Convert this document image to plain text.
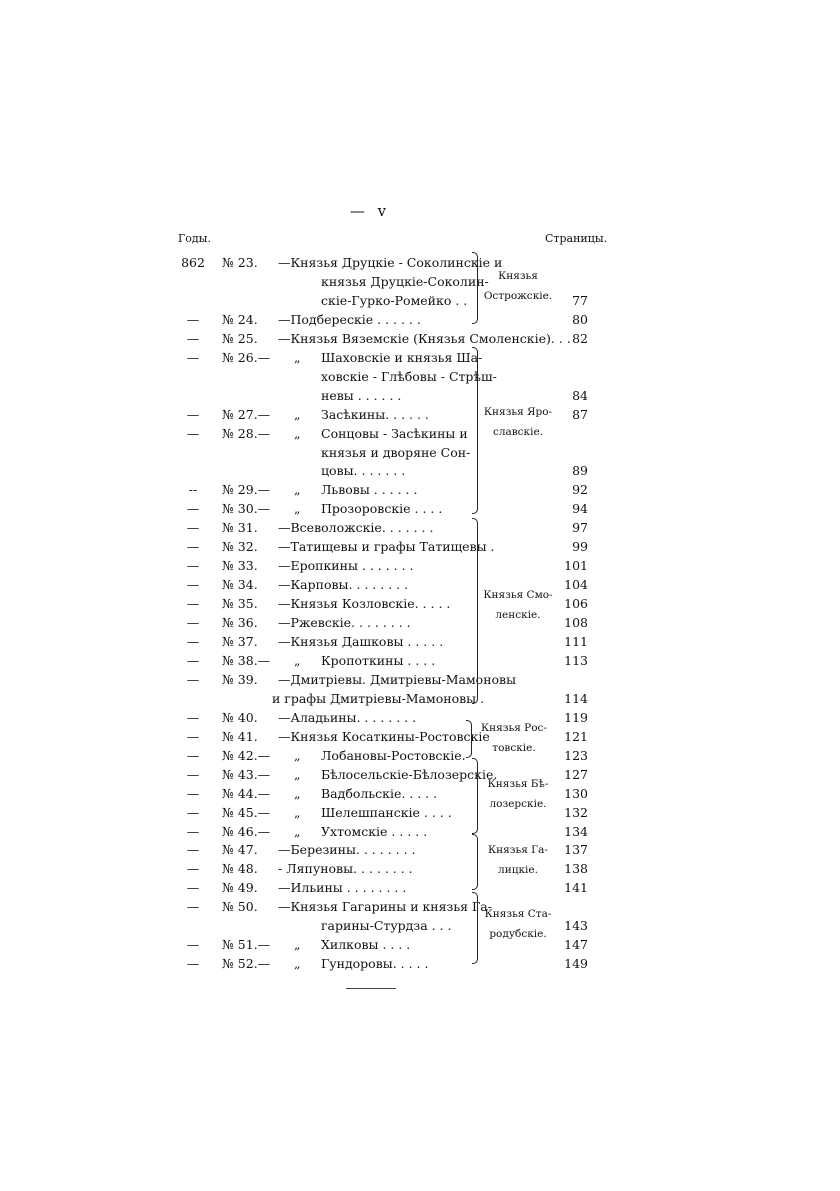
— v
Годы.	Страницы.
862	№ 23. —Князья Друцкіе - Соколинскіе и
князья Друцкіе-Соколин-
скіе-Гурко-Ромейко . .	77
—	№ 24. —Подберескіе . . . . . .	80
—	№ 25. —Князья Вяземскіе (Князья Смоленскіе). . . 82
—	№ 26.— „ Шаховскіе и князья Ша-
ховскіе - Глѣбовы - Стрѣш-
невы . . . . . .	84
—	№ 27.— „ Засѣкины. . . . . .	87
—	№ 28.— „ Сонцовы - Засѣкины и
князья и дворяне Сон-
цовы. . . . . . .	89
--	№ 29.— „ Львовы . . . . . .	92
—	№ 30.— „ Прозоровскіе . . . .	94
—	№ 31. —Всеволожскіе. . . . . . .	97
—	№ 32. —Татищевы и графы Татищевы .	99
—	№ 33. —Еропкины . . . . . . .	101
—	№ 34. —Карповы. . . . . . . .	104
—	№ 35. —Князья Козловскіе. . . . .	106
—	№ 36. —Ржевскіе. . . . . . . .	108
—	№ 37. —Князья Дашковы . . . . .	111
—	№ 38.— „ Кропоткины . . . .	113
—	№ 39. —Дмитріевы. Дмитріевы-Мамоновы
и графы Дмитріевы-Мамоновы .	114
—	№ 40. —Аладьины. . . . . . . .	119
—	№ 41. —Князья Косаткины-Ростовскіе	121
—	№ 42.— „ Лобановы-Ростовскіе.	123
—	№ 43.— „ Бѣлосельскіе-Бѣлозерскіе.	127
—	№ 44.— „ Вадбольскіе. . . . .	130
—	№ 45.— „ Шелешпанскіе . . . .	132
—	№ 46.— „ Ухтомскіе . . . . .	134
—	№ 47. —Березины. . . . . . . .	137
—	№ 48. - Ляпуновы. . . . . . . .	138
—	№ 49. —Ильины . . . . . . . .	141
—	№ 50. —Князья Гагарины и князья Га-
гарины-Стурдза . . .	143
—	№ 51.— „ Хилковы . . . .	147
—	№ 52.— „ Гундоровы. . . . .	149
Князья
Острожскіе.
Князья Яро-
славскіе.
Князья Смо-
ленскіе.
Князья Рос-
товскіе.
Князья Бѣ-
лозерскіе.
Князья Га-
лицкіе.
Князья Ста-
родубскіе.
